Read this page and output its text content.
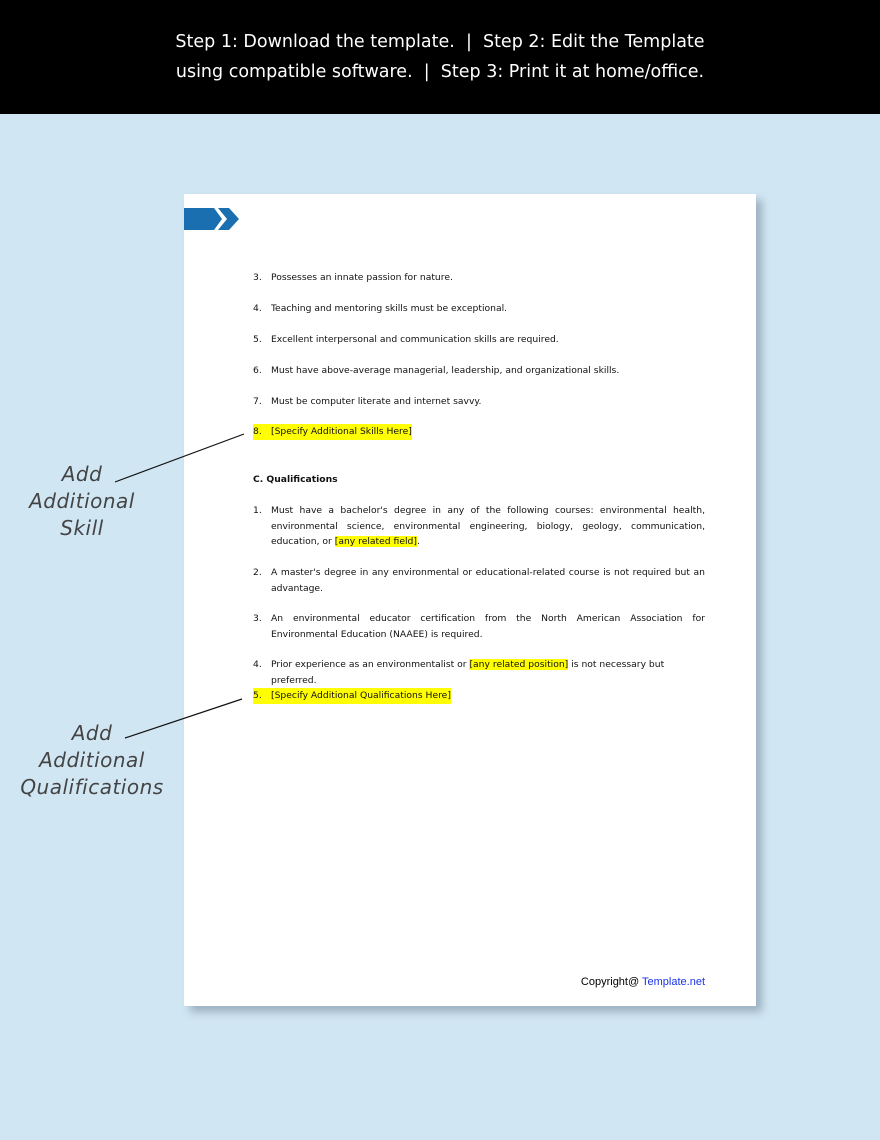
Step 1: Download the template.  |  Step 2: Edit the Template
using compatible software.  |  Step 3: Print it at home/office.
3.	Possesses an innate passion for nature.
4.	Teaching and mentoring skills must be exceptional.
5.	Excellent interpersonal and communication skills are required.
6.	Must have above-average managerial, leadership, and organizational skills.
7.	Must be computer literate and internet savvy.
8. [Specify Additional Skills Here]
C. Qualifications
1.	Must have a bachelor's degree in any of the following courses: environmental health, environmental science, environmental engineering, biology, geology, communication, education, or [any related field].
2.	A master's degree in any environmental or educational-related course is not required but an advantage.
3.	An environmental educator certification from the North American Association for Environmental Education (NAAEE) is required.
4.	Prior experience as an environmentalist or [any related position] is not necessary but preferred.
5. [Specify Additional Qualifications Here]
Copyright@ Template.net
Add
Additional
Skill
Add
Additional
Qualifications
